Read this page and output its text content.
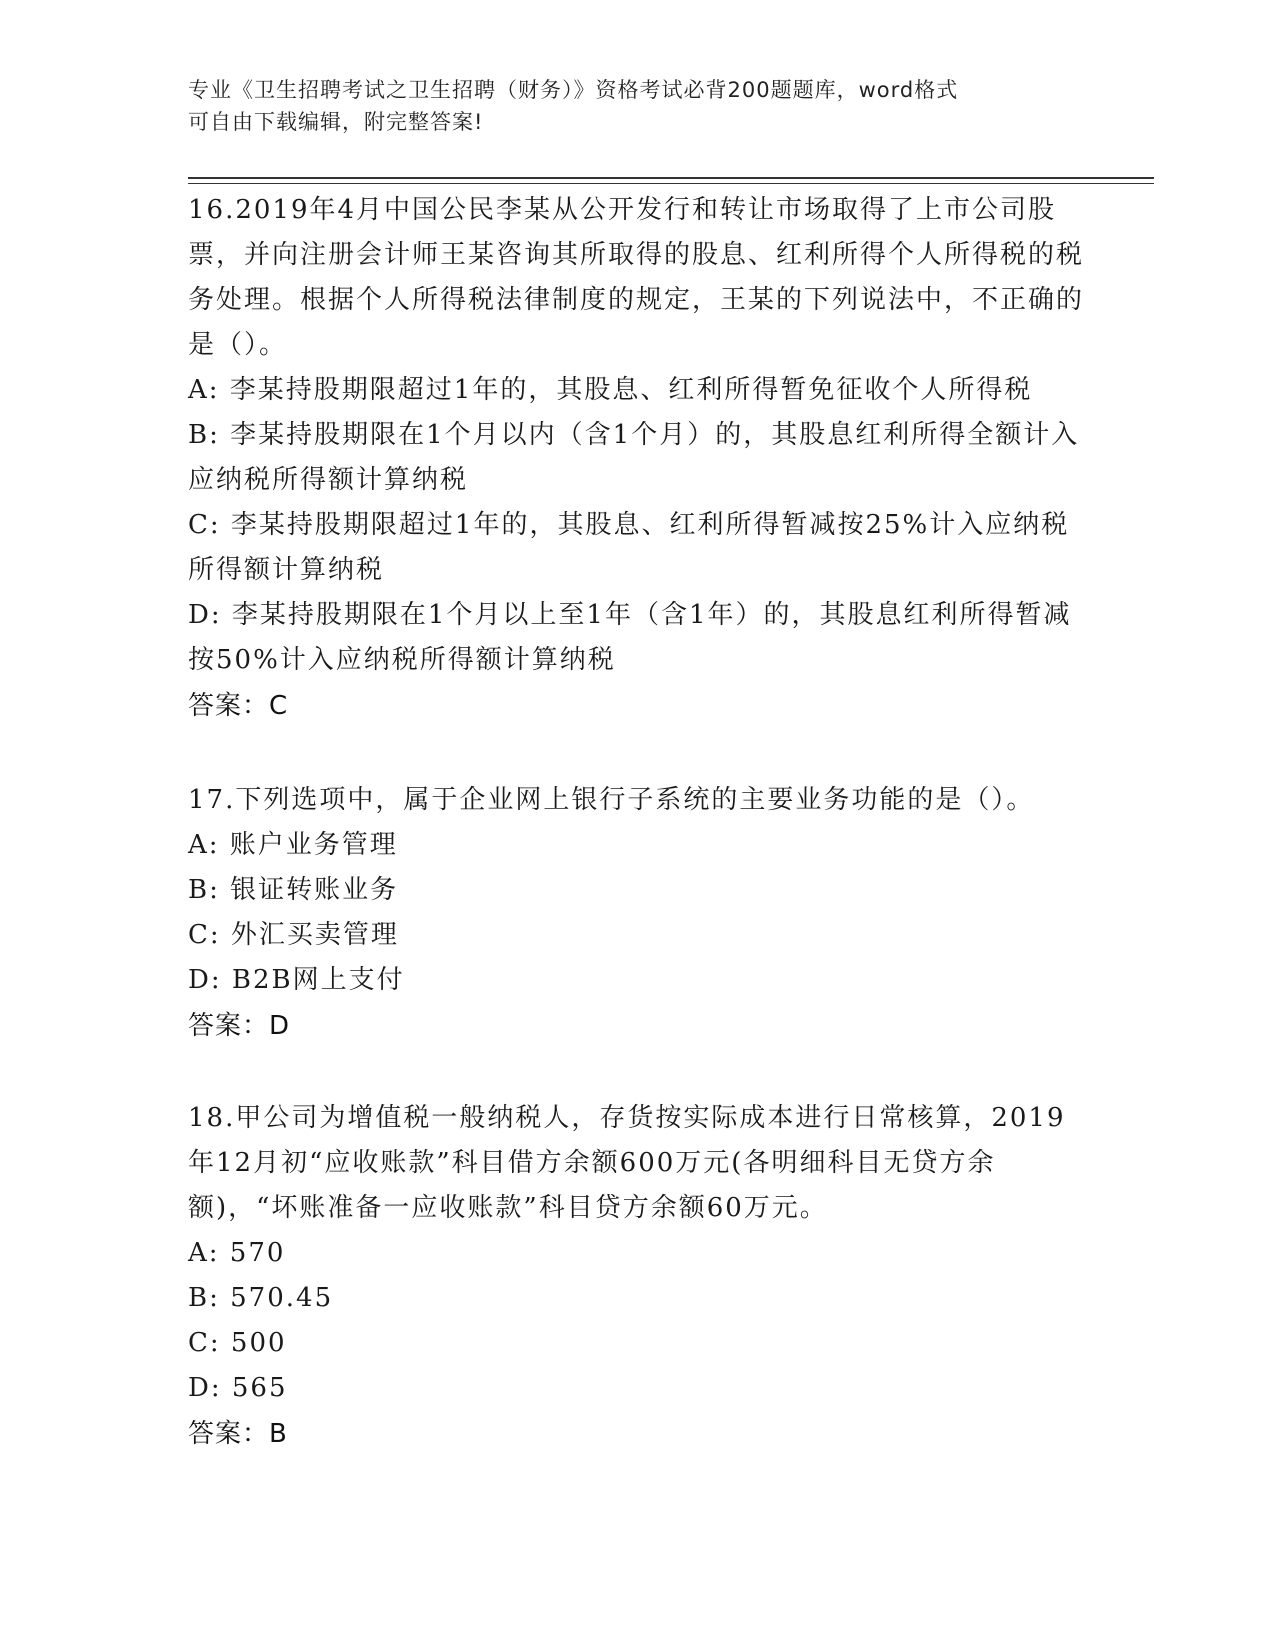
专业《卫生招聘考试之卫生招聘（财务）》资格考试必背200题题库，word格式
可自由下载编辑，附完整答案!
16.2019年4月中国公民李某从公开发行和转让市场取得了上市公司股票，并向注册会计师王某咨询其所取得的股息、红利所得个人所得税的税务处理。根据个人所得税法律制度的规定，王某的下列说法中，不正确的是（）。
A: 李某持股期限超过1年的，其股息、红利所得暂免征收个人所得税
B: 李某持股期限在1个月以内（含1个月）的，其股息红利所得全额计入应纳税所得额计算纳税
C: 李某持股期限超过1年的，其股息、红利所得暂减按25%计入应纳税所得额计算纳税
D: 李某持股期限在1个月以上至1年（含1年）的，其股息红利所得暂减按50%计入应纳税所得额计算纳税
答案：C
17.下列选项中，属于企业网上银行子系统的主要业务功能的是（）。
A: 账户业务管理
B: 银证转账业务
C: 外汇买卖管理
D: B2B网上支付
答案：D
18.甲公司为增值税一般纳税人，存货按实际成本进行日常核算，2019年12月初“应收账款”科目借方余额600万元(各明细科目无贷方余额)，“坏账准备一应收账款”科目贷方余额60万元。
A: 570
B: 570.45
C: 500
D: 565
答案：B
